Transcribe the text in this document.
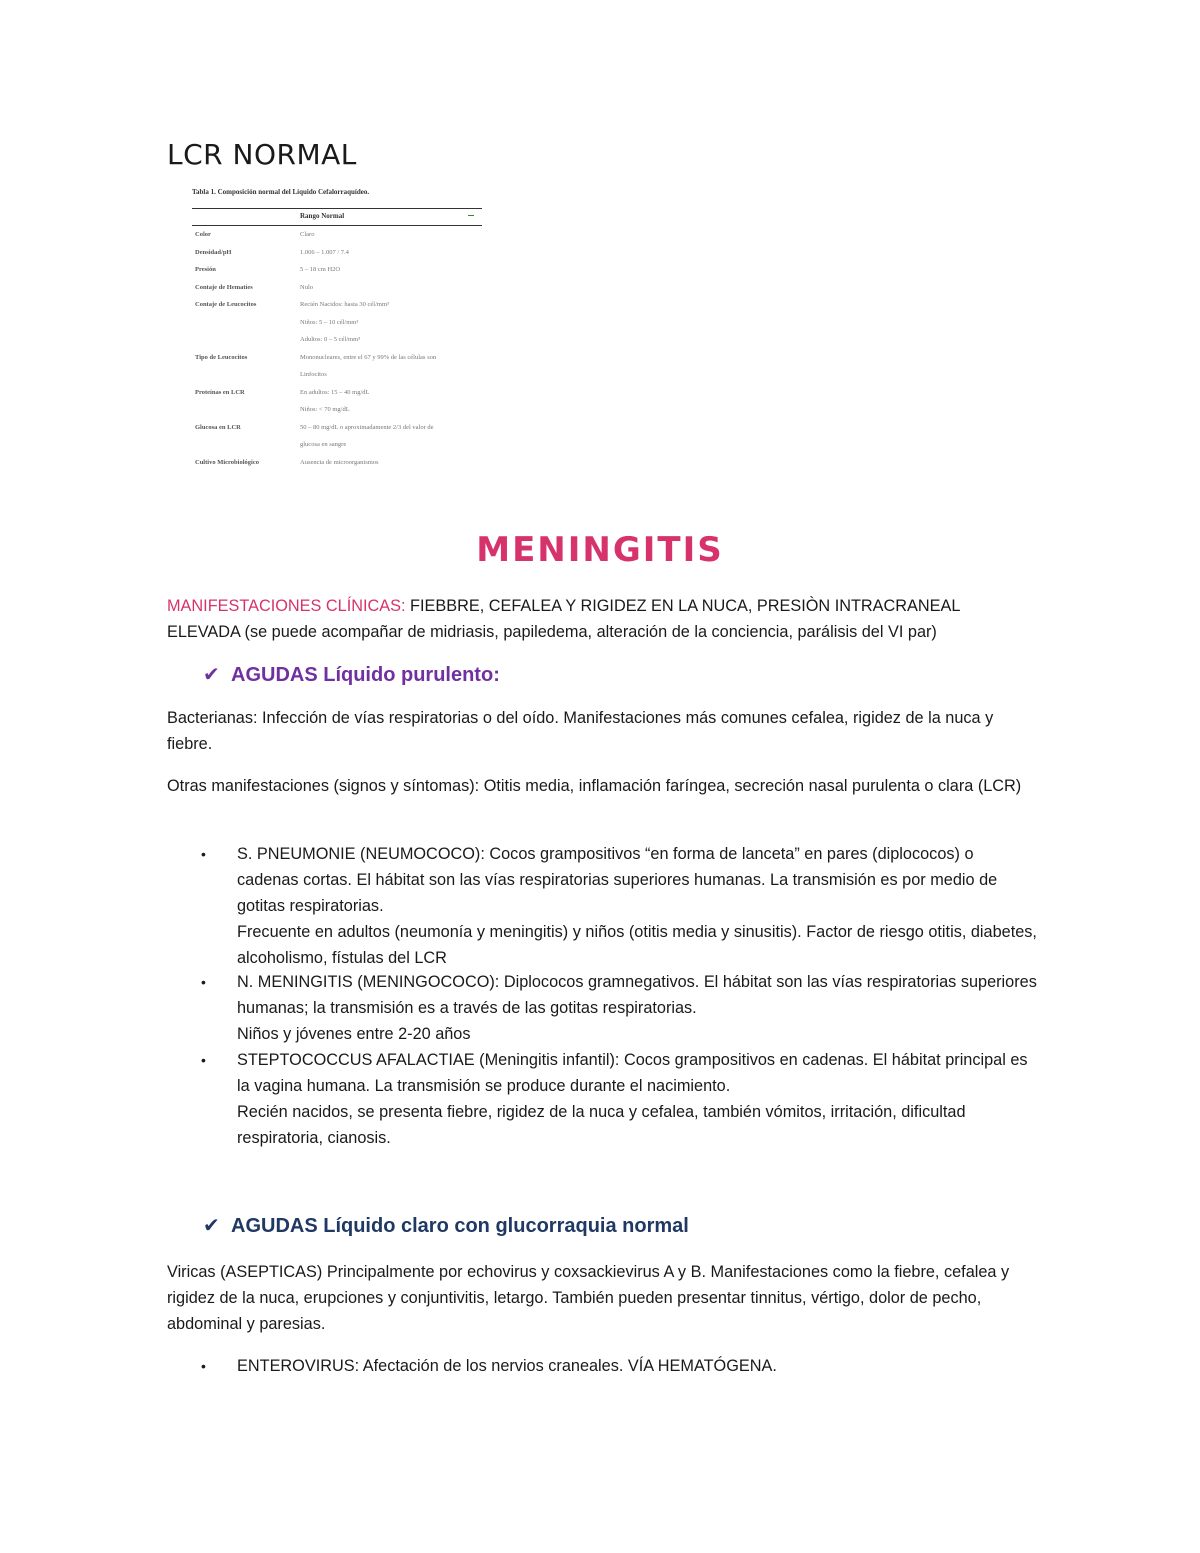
LCR NORMAL

Tabla 1. Composición normal del Líquido Cefalorraquídeo.

Rango Normal
Color	Claro
Densidad/pH	1.006 – 1.007 / 7.4
Presión	5 – 18 cm H2O
Contaje de Hematíes	Nulo
Contaje de Leucocitos	Recién Nacidos: hasta 30 cél/mm³
Niños: 5 – 10 cél/mm³
Adultos: 0 – 5 cél/mm³
Tipo de Leucocitos	Mononucleares, entre el 67 y 99% de las células son
Linfocitos
Proteínas en LCR	En adultos: 15 – 40 mg/dL
Niños: < 70 mg/dL
Glucosa en LCR	50 – 80 mg/dL o aproximadamente 2/3 del valor de
glucosa en sangre
Cultivo Microbiológico	Ausencia de microorganismos
MENINGITIS

MANIFESTACIONES CLÍNICAS: FIEBBRE, CEFALEA Y RIGIDEZ EN LA NUCA, PRESIÒN INTRACRANEAL ELEVADA (se puede acompañar de midriasis, papiledema, alteración de la conciencia, parálisis del VI par)

✔ AGUDAS Líquido purulento:

Bacterianas: Infección de vías respiratorias o del oído. Manifestaciones más comunes cefalea, rigidez de la nuca y fiebre.

Otras manifestaciones (signos y síntomas): Otitis media, inflamación faríngea, secreción nasal purulenta o clara (LCR)

• S. PNEUMONIE (NEUMOCOCO): Cocos grampositivos “en forma de lanceta” en pares (diplococos) o cadenas cortas. El hábitat son las vías respiratorias superiores humanas. La transmisión es por medio de gotitas respiratorias.
Frecuente en adultos (neumonía y meningitis) y niños (otitis media y sinusitis). Factor de riesgo otitis, diabetes, alcoholismo, fístulas del LCR
• N. MENINGITIS (MENINGOCOCO): Diplococos gramnegativos. El hábitat son las vías respiratorias superiores humanas; la transmisión es a través de las gotitas respiratorias.
Niños y jóvenes entre 2-20 años
• STEPTOCOCCUS AFALACTIAE (Meningitis infantil): Cocos grampositivos en cadenas. El hábitat principal es la vagina humana. La transmisión se produce durante el nacimiento.
Recién nacidos, se presenta fiebre, rigidez de la nuca y cefalea, también vómitos, irritación, dificultad respiratoria, cianosis.

✔ AGUDAS Líquido claro con glucorraquia normal

Viricas (ASEPTICAS) Principalmente por echovirus y coxsackievirus A y B. Manifestaciones como la fiebre, cefalea y rigidez de la nuca, erupciones y conjuntivitis, letargo. También pueden presentar tinnitus, vértigo, dolor de pecho, abdominal y paresias.

• ENTEROVIRUS: Afectación de los nervios craneales. VÍA HEMATÓGENA.
